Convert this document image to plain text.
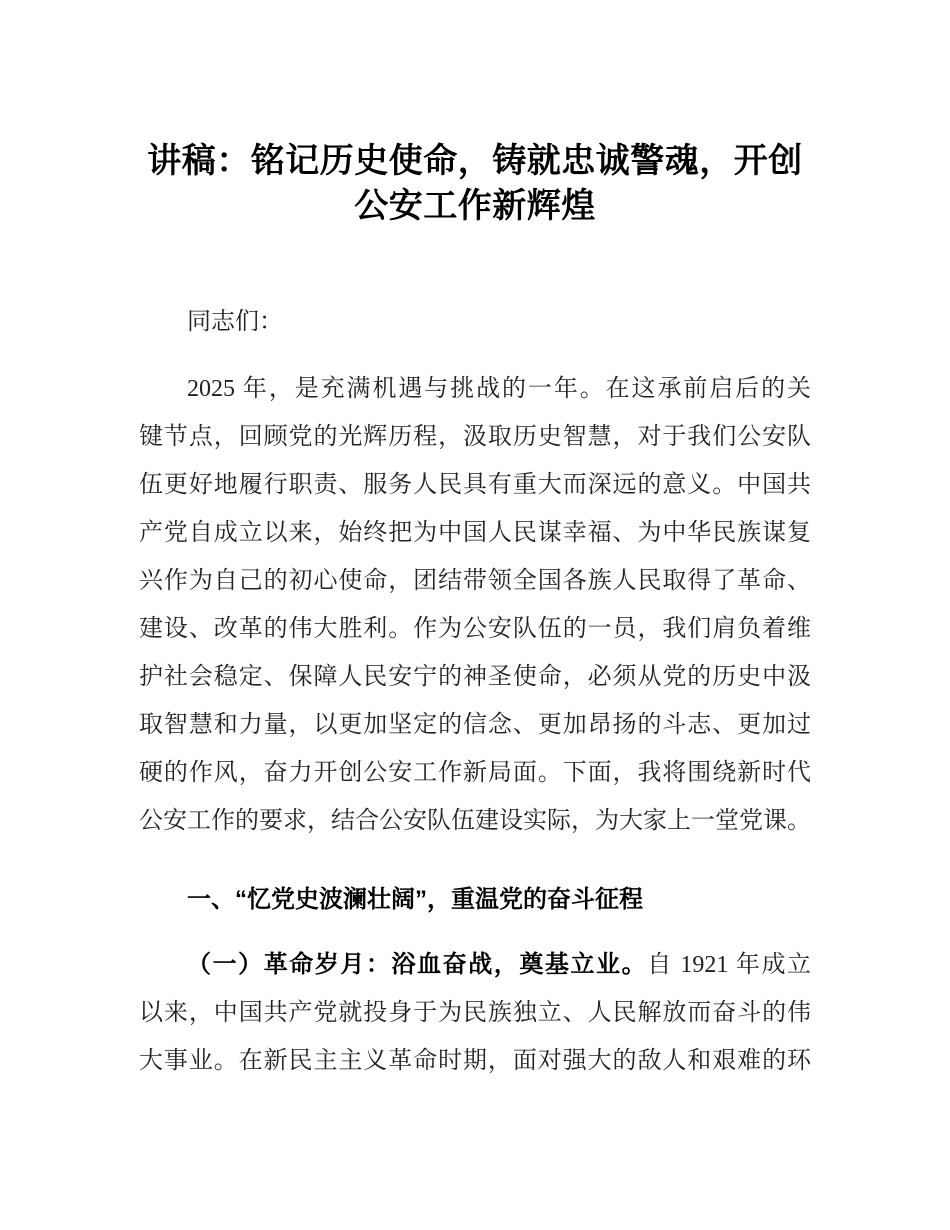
讲稿：铭记历史使命，铸就忠诚警魂，开创
公安工作新辉煌
同志们：
2025 年，是充满机遇与挑战的一年。在这承前启后的关
键节点，回顾党的光辉历程，汲取历史智慧，对于我们公安队
伍更好地履行职责、服务人民具有重大而深远的意义。中国共
产党自成立以来，始终把为中国人民谋幸福、为中华民族谋复
兴作为自己的初心使命，团结带领全国各族人民取得了革命、
建设、改革的伟大胜利。作为公安队伍的一员，我们肩负着维
护社会稳定、保障人民安宁的神圣使命，必须从党的历史中汲
取智慧和力量，以更加坚定的信念、更加昂扬的斗志、更加过
硬的作风，奋力开创公安工作新局面。下面，我将围绕新时代
公安工作的要求，结合公安队伍建设实际，为大家上一堂党课。
一、“忆党史波澜壮阔”，重温党的奋斗征程
（一）革命岁月：浴血奋战，奠基立业。自 1921 年成立
以来，中国共产党就投身于为民族独立、人民解放而奋斗的伟
大事业。在新民主主义革命时期，面对强大的敌人和艰难的环
